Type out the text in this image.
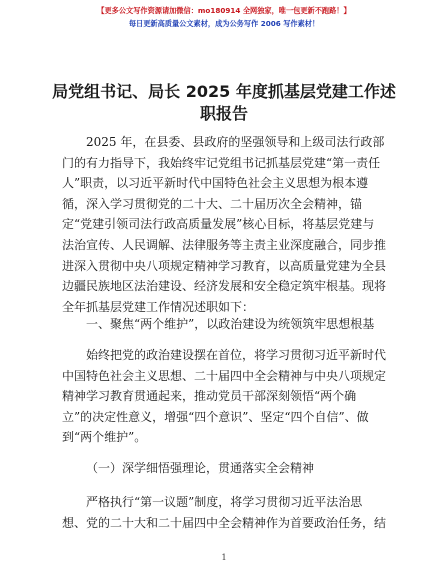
【更多公文写作资源请加微信：mo180914 全网独家，唯一包更新不跑路！】
每日更新高质量公文素材，成为公务写作 2006 写作素材！
局党组书记、局长 2025 年度抓基层党建工作述
职报告
2025 年，在县委、县政府的坚强领导和上级司法行政部
门的有力指导下，我始终牢记党组书记抓基层党建“第一责任
人”职责，以习近平新时代中国特色社会主义思想为根本遵
循，深入学习贯彻党的二十大、二十届历次全会精神，锚
定“党建引领司法行政高质量发展”核心目标，将基层党建与
法治宣传、人民调解、法律服务等主责主业深度融合，同步推
进深入贯彻中央八项规定精神学习教育，以高质量党建为全县
边疆民族地区法治建设、经济发展和安全稳定筑牢根基。现将
全年抓基层党建工作情况述职如下：
一、聚焦“两个维护”，以政治建设为统领筑牢思想根基
始终把党的政治建设摆在首位，将学习贯彻习近平新时代
中国特色社会主义思想、二十届四中全会精神与中央八项规定
精神学习教育贯通起来，推动党员干部深刻领悟“两个确
立”的决定性意义，增强“四个意识”、坚定“四个自信”、做
到“两个维护”。
（一）深学细悟强理论，贯通落实全会精神
严格执行“第一议题”制度，将学习贯彻习近平法治思
想、党的二十大和二十届四中全会精神作为首要政治任务，结
1
